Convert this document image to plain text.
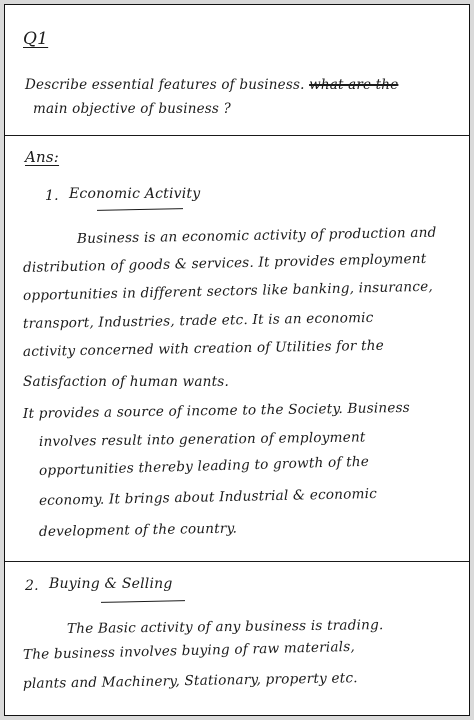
Q1
Describe essential features of business. what are the
main objective of business ?
Ans:
1. Economic Activity
Business is an economic activity of production and
distribution of goods & services. It provides employment
opportunities in different sectors like banking, insurance,
transport, Industries, trade etc. It is an economic
activity concerned with creation of Utilities for the
Satisfaction of human wants.
It provides a source of income to the Society. Business
involves result into generation of employment
opportunities thereby leading to growth of the
economy. It brings about Industrial & economic
development of the country.
2. Buying & Selling
The Basic activity of any business is trading.
The business involves buying of raw materials,
plants and Machinery, Stationary, property etc.
